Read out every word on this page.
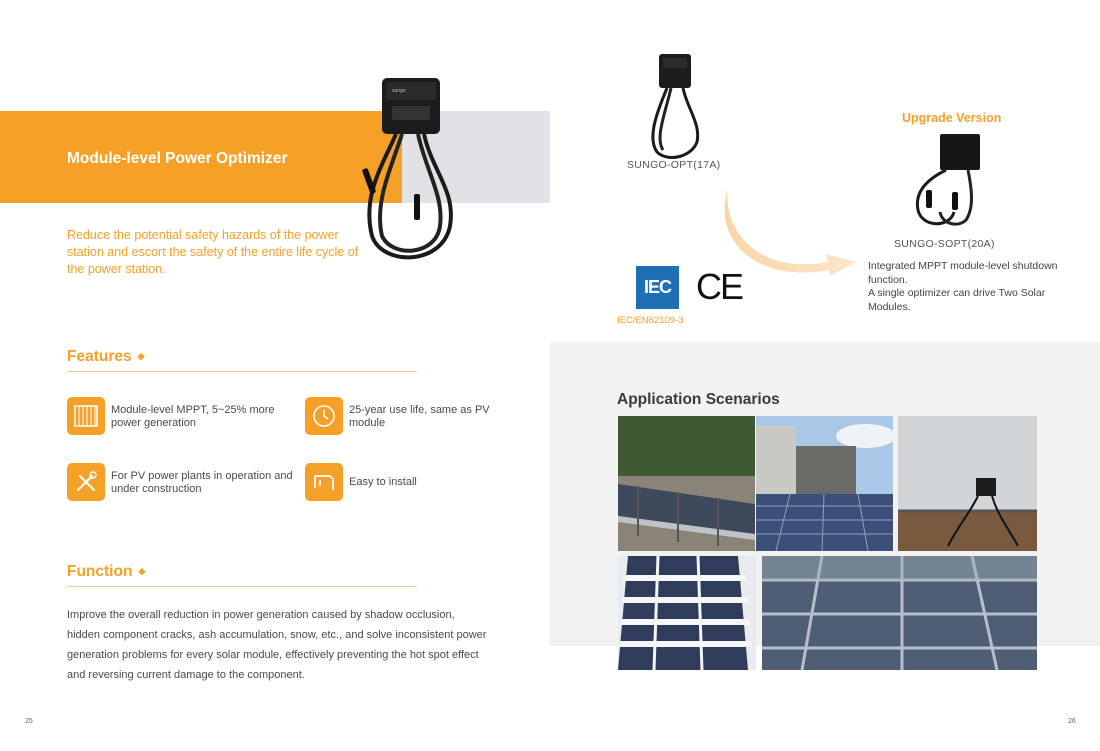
Module-level Power Optimizer
sungo
Reduce the potential safety hazards of the power station and escort the safety of the entire life cycle of the power station.
Features ◆
Module-level MPPT, 5~25% more power generation
25-year use life, same as PV module
For PV power plants in operation and under construction
Easy to install
Function ◆
Improve the overall reduction in power generation caused by shadow occlusion, hidden component cracks, ash accumulation, snow, etc., and solve inconsistent power generation problems for every solar module, effectively preventing the hot spot effect and reversing current damage to the component.
25
SUNGO-OPT(17A)
Upgrade Version
SUNGO-SOPT(20A)
Integrated MPPT module-level shutdown function.
A single optimizer can drive Two Solar Modules.
IEC CE
IEC/EN62109-3
Application Scenarios
26
